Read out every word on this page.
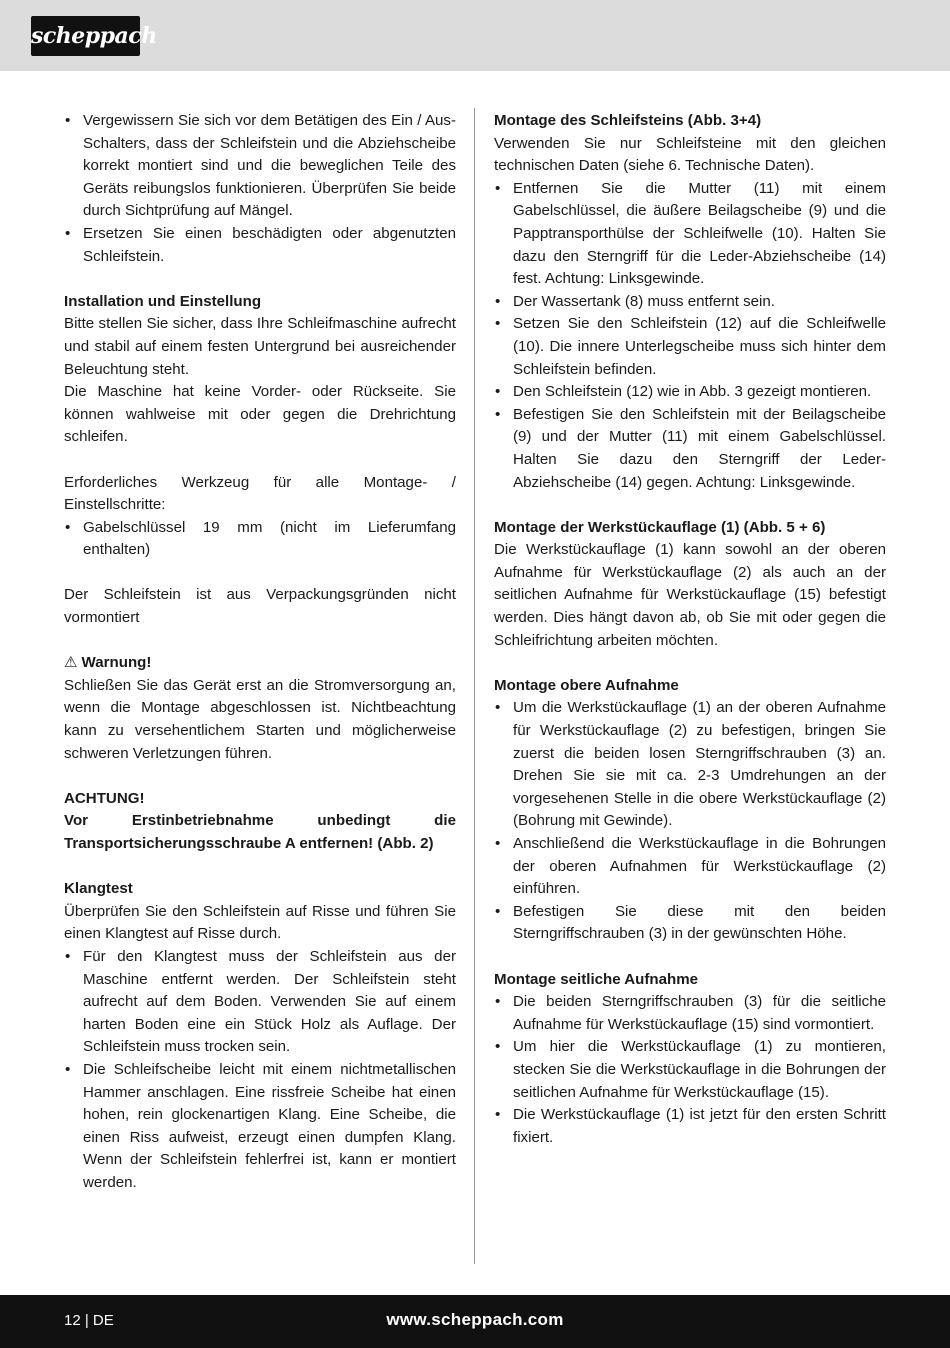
scheppach
• Vergewissern Sie sich vor dem Betätigen des Ein / Aus-Schalters, dass der Schleifstein und die Abziehscheibe korrekt montiert sind und die beweglichen Teile des Geräts reibungslos funktionieren. Überprüfen Sie beide durch Sichtprüfung auf Mängel.
• Ersetzen Sie einen beschädigten oder abgenutzten Schleifstein.
Installation und Einstellung
Bitte stellen Sie sicher, dass Ihre Schleifmaschine aufrecht und stabil auf einem festen Untergrund bei ausreichender Beleuchtung steht.
Die Maschine hat keine Vorder- oder Rückseite. Sie können wahlweise mit oder gegen die Drehrichtung schleifen.
Erforderliches Werkzeug für alle Montage- / Einstellschritte:
• Gabelschlüssel 19 mm (nicht im Lieferumfang enthalten)
Der Schleifstein ist aus Verpackungsgründen nicht vormontiert
⚠ Warnung!
Schließen Sie das Gerät erst an die Stromversorgung an, wenn die Montage abgeschlossen ist. Nichtbeachtung kann zu versehentlichem Starten und möglicherweise schweren Verletzungen führen.
ACHTUNG!
Vor Erstinbetriebnahme unbedingt die Transportsicherungsschraube A entfernen! (Abb. 2)
Klangtest
Überprüfen Sie den Schleifstein auf Risse und führen Sie einen Klangtest auf Risse durch.
• Für den Klangtest muss der Schleifstein aus der Maschine entfernt werden. Der Schleifstein steht aufrecht auf dem Boden. Verwenden Sie auf einem harten Boden eine ein Stück Holz als Auflage. Der Schleifstein muss trocken sein.
• Die Schleifscheibe leicht mit einem nichtmetallischen Hammer anschlagen. Eine rissfreie Scheibe hat einen hohen, rein glockenartigen Klang. Eine Scheibe, die einen Riss aufweist, erzeugt einen dumpfen Klang. Wenn der Schleifstein fehlerfrei ist, kann er montiert werden.
Montage des Schleifsteins (Abb. 3+4)
Verwenden Sie nur Schleifsteine mit den gleichen technischen Daten (siehe 6. Technische Daten).
• Entfernen Sie die Mutter (11) mit einem Gabelschlüssel, die äußere Beilagscheibe (9) und die Papptransporthülse der Schleifwelle (10). Halten Sie dazu den Sterngriff für die Leder-Abziehscheibe (14) fest. Achtung: Linksgewinde.
• Der Wassertank (8) muss entfernt sein.
• Setzen Sie den Schleifstein (12) auf die Schleifwelle (10). Die innere Unterlegscheibe muss sich hinter dem Schleifstein befinden.
• Den Schleifstein (12) wie in Abb. 3 gezeigt montieren.
• Befestigen Sie den Schleifstein mit der Beilagscheibe (9) und der Mutter (11) mit einem Gabelschlüssel. Halten Sie dazu den Sterngriff der Leder-Abziehscheibe (14) gegen. Achtung: Linksgewinde.
Montage der Werkstückauflage (1) (Abb. 5 + 6)
Die Werkstückauflage (1) kann sowohl an der oberen Aufnahme für Werkstückauflage (2) als auch an der seitlichen Aufnahme für Werkstückauflage (15) befestigt werden. Dies hängt davon ab, ob Sie mit oder gegen die Schleifrichtung arbeiten möchten.
Montage obere Aufnahme
• Um die Werkstückauflage (1) an der oberen Aufnahme für Werkstückauflage (2) zu befestigen, bringen Sie zuerst die beiden losen Sterngriffschrauben (3) an. Drehen Sie sie mit ca. 2-3 Umdrehungen an der vorgesehenen Stelle in die obere Werkstückauflage (2) (Bohrung mit Gewinde).
• Anschließend die Werkstückauflage in die Bohrungen der oberen Aufnahmen für Werkstückauflage (2) einführen.
• Befestigen Sie diese mit den beiden Sterngriffschrauben (3) in der gewünschten Höhe.
Montage seitliche Aufnahme
• Die beiden Sterngriffschrauben (3) für die seitliche Aufnahme für Werkstückauflage (15) sind vormontiert.
• Um hier die Werkstückauflage (1) zu montieren, stecken Sie die Werkstückauflage in die Bohrungen der seitlichen Aufnahme für Werkstückauflage (15).
• Die Werkstückauflage (1) ist jetzt für den ersten Schritt fixiert.
12 | DE	www.scheppach.com
